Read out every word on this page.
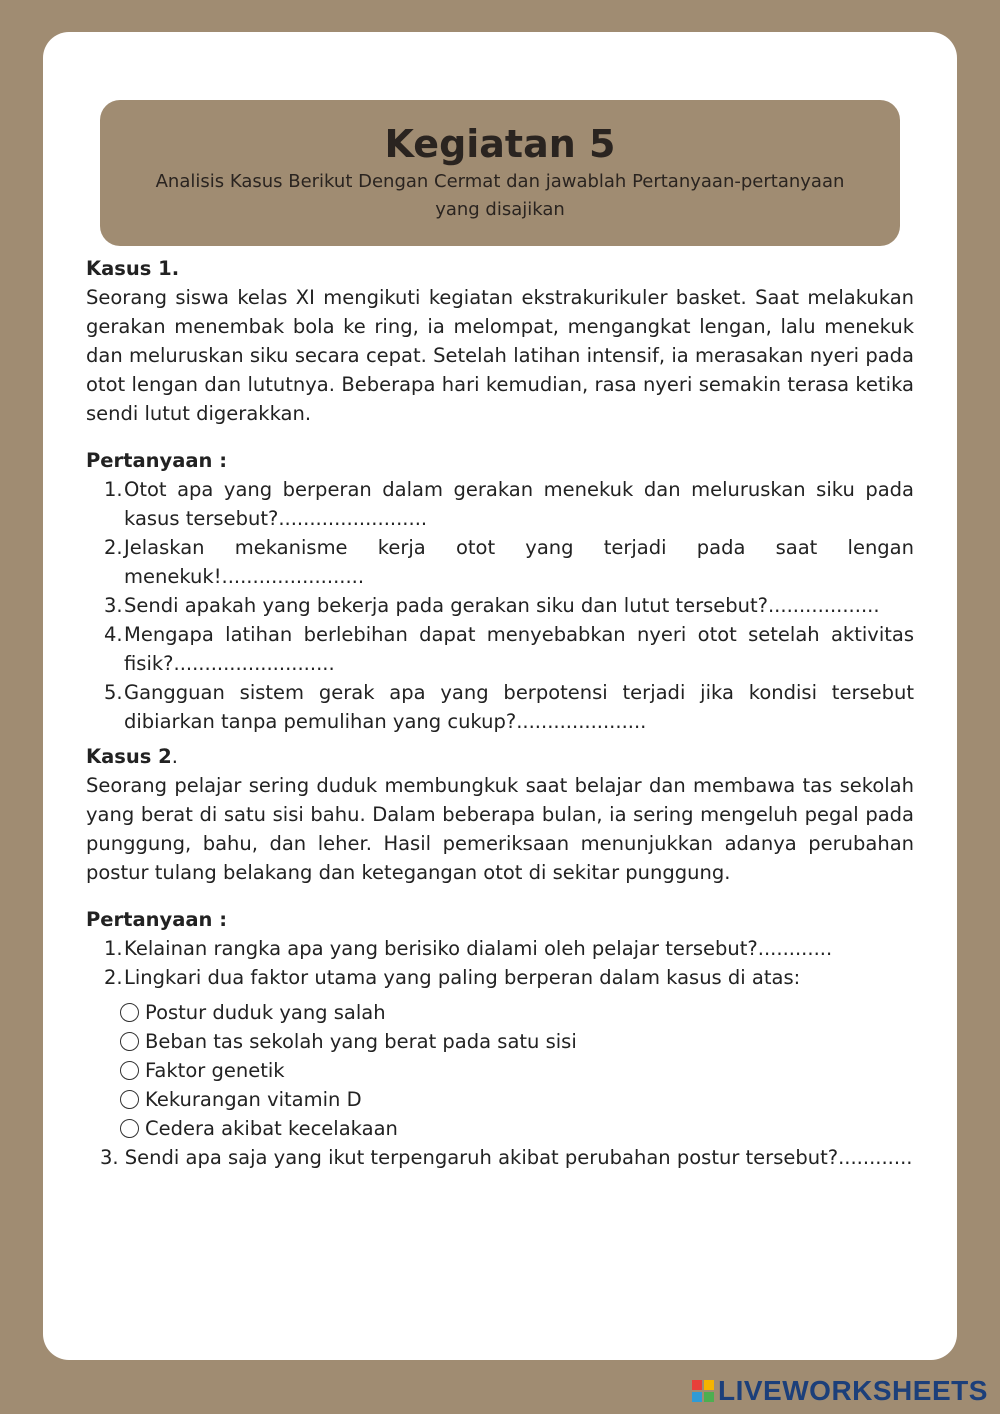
Kegiatan 5
Analisis Kasus Berikut Dengan Cermat dan jawablah Pertanyaan-pertanyaan yang disajikan
Kasus 1.
Seorang siswa kelas XI mengikuti kegiatan ekstrakurikuler basket. Saat melakukan gerakan menembak bola ke ring, ia melompat, mengangkat lengan, lalu menekuk dan meluruskan siku secara cepat. Setelah latihan intensif, ia merasakan nyeri pada otot lengan dan lututnya. Beberapa hari kemudian, rasa nyeri semakin terasa ketika sendi lutut digerakkan.
Pertanyaan :
1. Otot apa yang berperan dalam gerakan menekuk dan meluruskan siku pada kasus tersebut?........................
2. Jelaskan mekanisme kerja otot yang terjadi pada saat lengan menekuk!.......................
3. Sendi apakah yang bekerja pada gerakan siku dan lutut tersebut?..................
4. Mengapa latihan berlebihan dapat menyebabkan nyeri otot setelah aktivitas fisik?..........................
5. Gangguan sistem gerak apa yang berpotensi terjadi jika kondisi tersebut dibiarkan tanpa pemulihan yang cukup?.....................
Kasus 2.
Seorang pelajar sering duduk membungkuk saat belajar dan membawa tas sekolah yang berat di satu sisi bahu. Dalam beberapa bulan, ia sering mengeluh pegal pada punggung, bahu, dan leher. Hasil pemeriksaan menunjukkan adanya perubahan postur tulang belakang dan ketegangan otot di sekitar punggung.
Pertanyaan :
1. Kelainan rangka apa yang berisiko dialami oleh pelajar tersebut?............
2. Lingkari dua faktor utama yang paling berperan dalam kasus di atas:
Postur duduk yang salah
Beban tas sekolah yang berat pada satu sisi
Faktor genetik
Kekurangan vitamin D
Cedera akibat kecelakaan
3. Sendi apa saja yang ikut terpengaruh akibat perubahan postur tersebut?............
LIVEWORKSHEETS
